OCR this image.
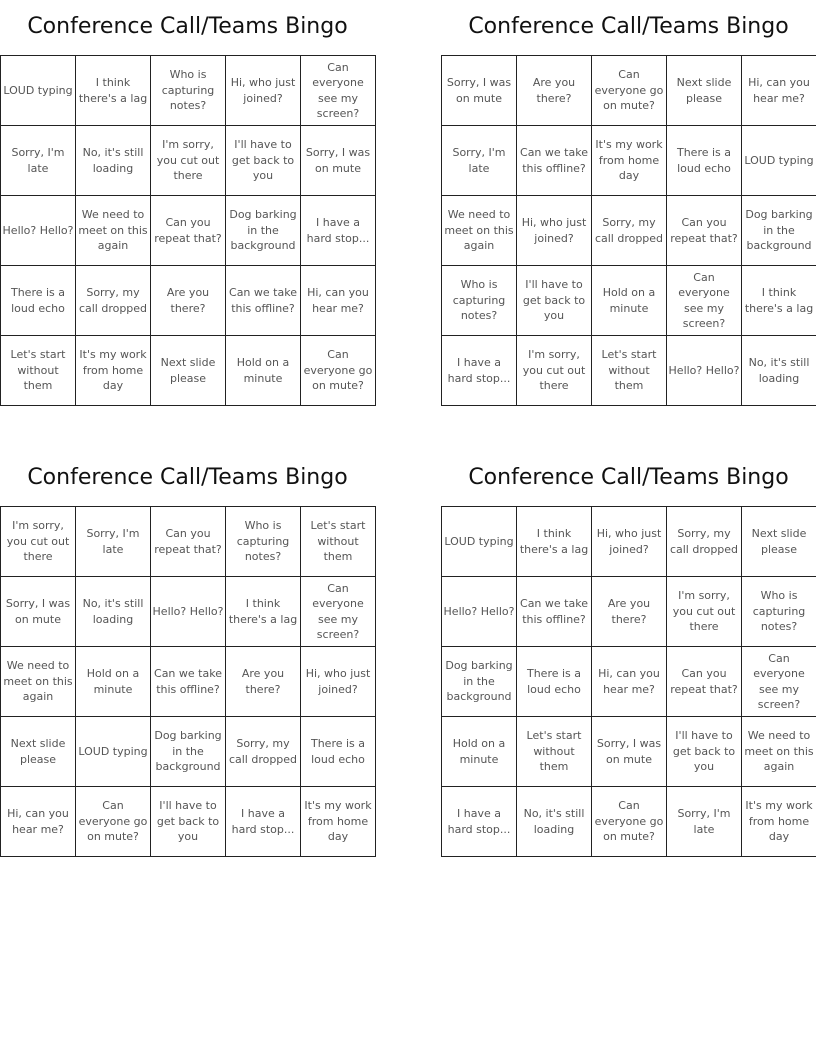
Conference Call/Teams Bingo
LOUD typing
I think there's a lag
Who is capturing notes?
Hi, who just joined?
Can everyone see my screen?
Sorry, I'm late
No, it's still loading
I'm sorry, you cut out there
I'll have to get back to you
Sorry, I was on mute
Hello? Hello?
We need to meet on this again
Can you repeat that?
Dog barking in the background
I have a hard stop...
There is a loud echo
Sorry, my call dropped
Are you there?
Can we take this offline?
Hi, can you hear me?
Let's start without them
It's my work from home day
Next slide please
Hold on a minute
Can everyone go on mute?
Conference Call/Teams Bingo
Sorry, I was on mute
Are you there?
Can everyone go on mute?
Next slide please
Hi, can you hear me?
Sorry, I'm late
Can we take this offline?
It's my work from home day
There is a loud echo
LOUD typing
We need to meet on this again
Hi, who just joined?
Sorry, my call dropped
Can you repeat that?
Dog barking in the background
Who is capturing notes?
I'll have to get back to you
Hold on a minute
Can everyone see my screen?
I think there's a lag
I have a hard stop...
I'm sorry, you cut out there
Let's start without them
Hello? Hello?
No, it's still loading
Conference Call/Teams Bingo
I'm sorry, you cut out there
Sorry, I'm late
Can you repeat that?
Who is capturing notes?
Let's start without them
Sorry, I was on mute
No, it's still loading
Hello? Hello?
I think there's a lag
Can everyone see my screen?
We need to meet on this again
Hold on a minute
Can we take this offline?
Are you there?
Hi, who just joined?
Next slide please
LOUD typing
Dog barking in the background
Sorry, my call dropped
There is a loud echo
Hi, can you hear me?
Can everyone go on mute?
I'll have to get back to you
I have a hard stop...
It's my work from home day
Conference Call/Teams Bingo
LOUD typing
I think there's a lag
Hi, who just joined?
Sorry, my call dropped
Next slide please
Hello? Hello?
Can we take this offline?
Are you there?
I'm sorry, you cut out there
Who is capturing notes?
Dog barking in the background
There is a loud echo
Hi, can you hear me?
Can you repeat that?
Can everyone see my screen?
Hold on a minute
Let's start without them
Sorry, I was on mute
I'll have to get back to you
We need to meet on this again
I have a hard stop...
No, it's still loading
Can everyone go on mute?
Sorry, I'm late
It's my work from home day
